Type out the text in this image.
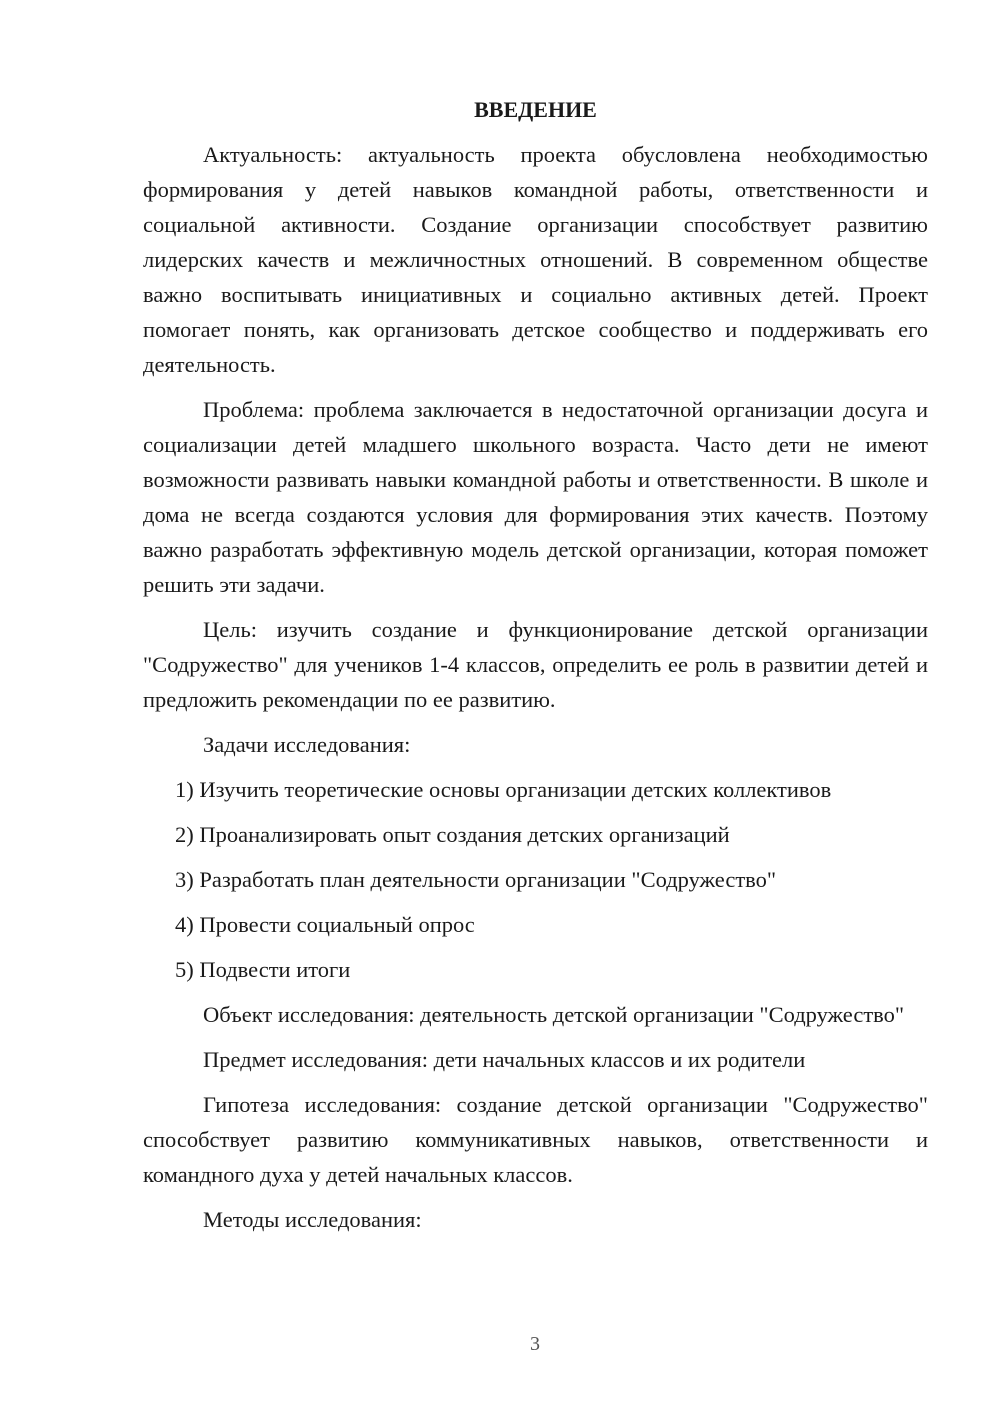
ВВЕДЕНИЕ

Актуальность: актуальность проекта обусловлена необходимостью формирования у детей навыков командной работы, ответственности и социальной активности. Создание организации способствует развитию лидерских качеств и межличностных отношений. В современном обществе важно воспитывать инициативных и социально активных детей. Проект помогает понять, как организовать детское сообщество и поддерживать его деятельность.

Проблема: проблема заключается в недостаточной организации досуга и социализации детей младшего школьного возраста. Часто дети не имеют возможности развивать навыки командной работы и ответственности. В школе и дома не всегда создаются условия для формирования этих качеств. Поэтому важно разработать эффективную модель детской организации, которая поможет решить эти задачи.

Цель: изучить создание и функционирование детской организации "Содружество" для учеников 1-4 классов, определить ее роль в развитии детей и предложить рекомендации по ее развитию.

Задачи исследования:

1) Изучить теоретические основы организации детских коллективов

2) Проанализировать опыт создания детских организаций

3) Разработать план деятельности организации "Содружество"

4) Провести социальный опрос

5) Подвести итоги

Объект исследования: деятельность детской организации "Содружество"

Предмет исследования: дети начальных классов и их родители

Гипотеза исследования: создание детской организации "Содружество" способствует развитию коммуникативных навыков, ответственности и командного духа у детей начальных классов.

Методы исследования:

3
